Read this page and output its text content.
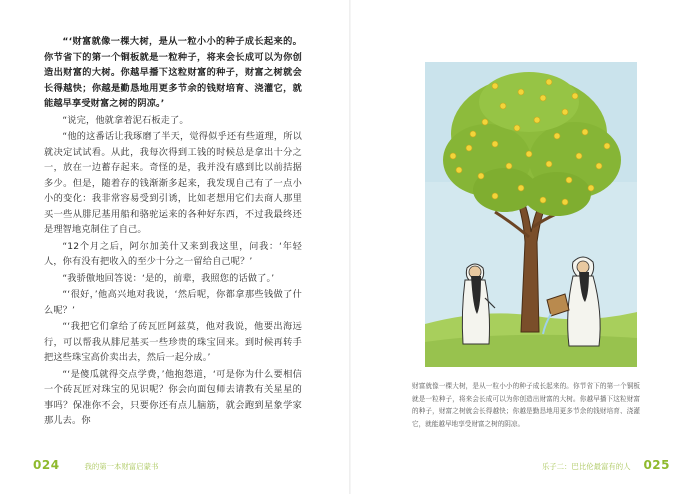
“‘财富就像一棵大树，是从一粒小小的种子成长起来的。你节省下的第一个铜板就是一粒种子，将来会长成可以为你创造出财富的大树。你越早播下这粒财富的种子，财富之树就会长得越快；你越是勤恳地用更多节余的钱财培育、浇灌它，就能越早享受财富之树的阴凉。’

“说完，他就拿着泥石板走了。

“他的这番话让我琢磨了半天，觉得似乎还有些道理，所以就决定试试看。从此，我每次得到工钱的时候总是拿出十分之一，放在一边蓄存起来。奇怪的是，我并没有感到比以前拮据多少。但是，随着存的钱渐渐多起来，我发现自己有了一点小小的变化：我非常容易受到引诱，比如老想用它们去商人那里买一些从腓尼基用船和骆驼运来的各种好东西，不过我最终还是理智地克制住了自己。

“12个月之后，阿尔加美什又来到我这里，问我：‘年轻人，你有没有把收入的至少十分之一留给自己呢？’

“我骄傲地回答说：‘是的，前辈，我照您的话做了。’

“‘很好，’他高兴地对我说，‘然后呢，你都拿那些钱做了什么呢？’

“‘我把它们拿给了砖瓦匠阿兹莫，他对我说，他要出海远行，可以帮我从腓尼基买一些珍贵的珠宝回来。到时候再转手把这些珠宝高价卖出去，然后一起分成。’

“‘是傻瓜就得交点学费，’他抱怨道，‘可是你为什么要相信一个砖瓦匠对珠宝的见识呢？你会向面包师去请教有关星星的事吗？保准你不会，只要你还有点儿脑筋，就会跑到星象学家那儿去。你

024	我的第一本财富启蒙书
财富就像一棵大树，是从一粒小小的种子成长起来的。你节省下的第一个铜板就是一粒种子，将来会长成可以为你创造出财富的大树。你越早播下这粒财富的种子，财富之树就会长得越快；你越是勤恳地用更多节余的钱财培育、浇灌它，就能越早地享受财富之树的阴凉。
乐子二：巴比伦最富有的人 025
